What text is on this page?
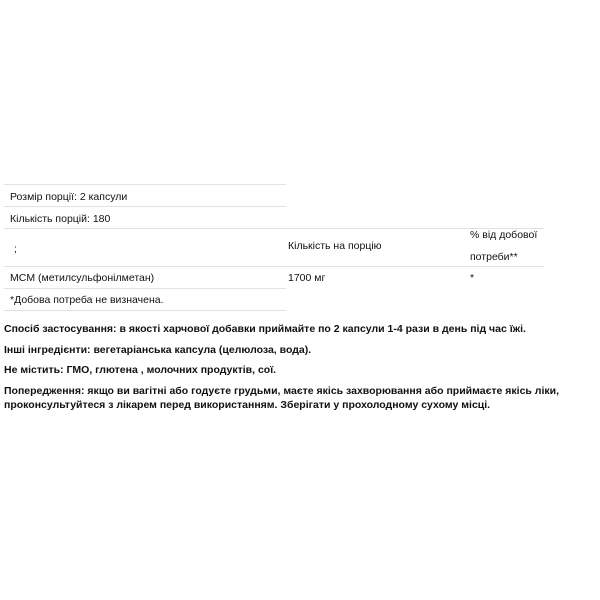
Розмір порції: 2 капсули
Кількість порцій: 180
;	Кількість на порцію
% від добової
потреби**
MCM (метилсульфонілметан)	1700 мг	*
*Добова потреба не визначена.

Спосіб застосування: в якості харчової добавки приймайте по 2 капсули 1-4 рази в день під час їжі.

Інші інгредієнти: вегетаріанська капсула (целюлоза, вода).

Не містить: ГМО, глютена , молочних продуктів, сої.

Попередження: якщо ви вагітні або годуєте грудьми, маєте якісь захворювання або приймаєте якісь ліки,
проконсультуйтеся з лікарем перед використанням. Зберігати у прохолодному сухому місці.
